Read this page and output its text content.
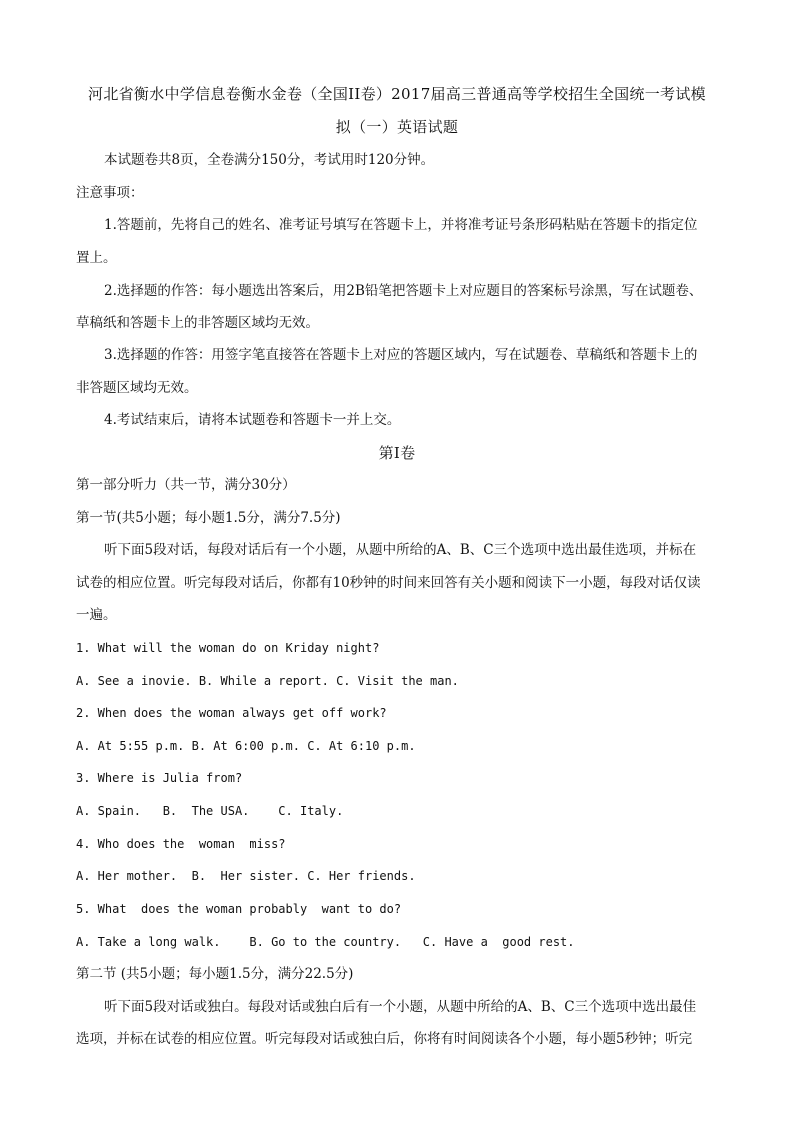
河北省衡水中学信息卷衡水金卷（全国II卷）2017届高三普通高等学校招生全国统一考试模
拟（一）英语试题
本试题卷共8页，全卷满分150分，考试用时120分钟。
注意事项：
1.答题前，先将自己的姓名、准考证号填写在答题卡上，并将准考证号条形码粘贴在答题卡的指定位
置上。
2.选择题的作答：每小题选出答案后，用2B铅笔把答题卡上对应题目的答案标号涂黑，写在试题卷、
草稿纸和答题卡上的非答题区域均无效。
3.选择题的作答：用签字笔直接答在答题卡上对应的答题区域内，写在试题卷、草稿纸和答题卡上的
非答题区域均无效。
4.考试结束后，请将本试题卷和答题卡一并上交。
第I卷
第一部分听力（共一节，满分30分）
第一节(共5小题；每小题1.5分，满分7.5分)
听下面5段对话，每段对话后有一个小题，从题中所给的A、B、C三个选项中选出最佳选项，并标在
试卷的相应位置。听完每段对话后，你都有10秒钟的时间来回答有关小题和阅读下一小题，每段对话仅读
一遍。
1. What will the woman do on Kriday night?
A. See a inovie. B. While a report. C. Visit the man.
2. When does the woman always get off work?
A. At 5:55 p.m. B. At 6:00 p.m. C. At 6:10 p.m.
3. Where is Julia from?
A. Spain.   B.  The USA.    C. Italy.
4. Who does the  woman  miss?
A. Her mother.  B.  Her sister. C. Her friends.
5. What  does the woman probably  want to do?
A. Take a long walk.    B. Go to the country.   C. Have a  good rest.
第二节 (共5小题；每小题1.5分，满分22.5分)
听下面5段对话或独白。每段对话或独白后有一个小题，从题中所给的A、B、C三个选项中选出最佳
选项，并标在试卷的相应位置。听完每段对话或独白后，你将有时间阅读各个小题，每小题5秒钟；听完
